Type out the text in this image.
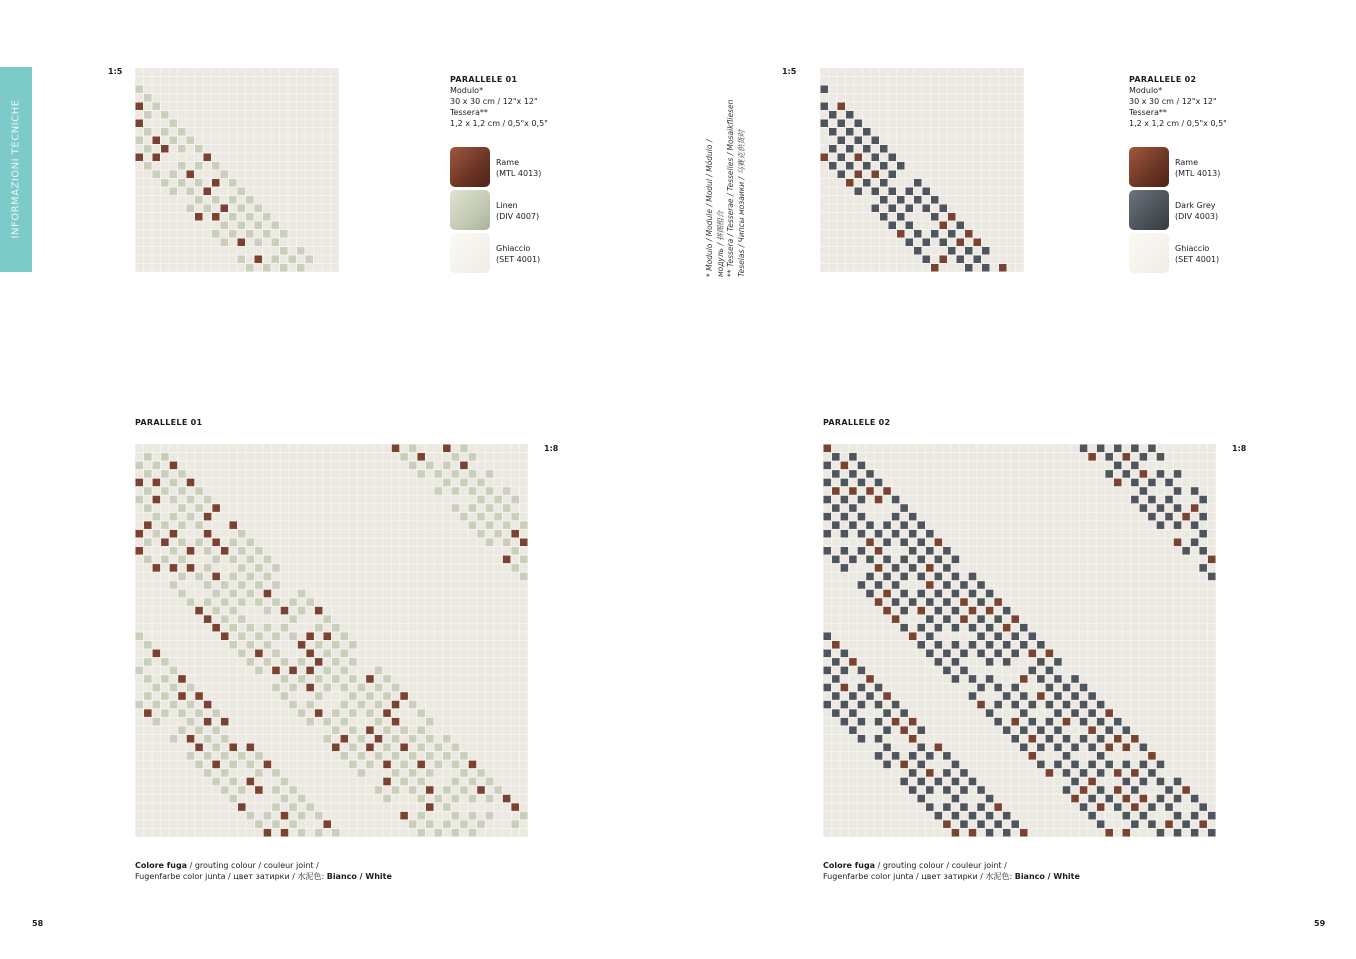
INFORMAZIONI TECNICHE
1:5
PARALLELE 01
Modulo*
30 x 30 cm / 12"x 12"
Tessera**
1,2 x 1,2 cm / 0,5"x 0,5"
Rame
(MTL 4013)
Linen
(DIV 4007)
Ghiaccio
(SET 4001)
PARALLELE 01
1:8
Colore fuga / grouting colour / couleur joint /
Fugenfarbe color junta / цвет затирки / 水泥色: Bianco / White
58
* Modulo / Module / Modul / Módulo / модуль / 拼图组合 ** Tessera / Tesserae / Tesselles / Mosaikfliesen Teselas / Чипсы мозаики / 马赛克供货时
1:5
PARALLELE 02
Modulo*
30 x 30 cm / 12"x 12"
Tessera**
1,2 x 1,2 cm / 0,5"x 0,5"
Rame
(MTL 4013)
Dark Grey
(DIV 4003)
Ghiaccio
(SET 4001)
PARALLELE 02
1:8
Colore fuga / grouting colour / couleur joint /
Fugenfarbe color junta / цвет затирки / 水泥色: Bianco / White
59
